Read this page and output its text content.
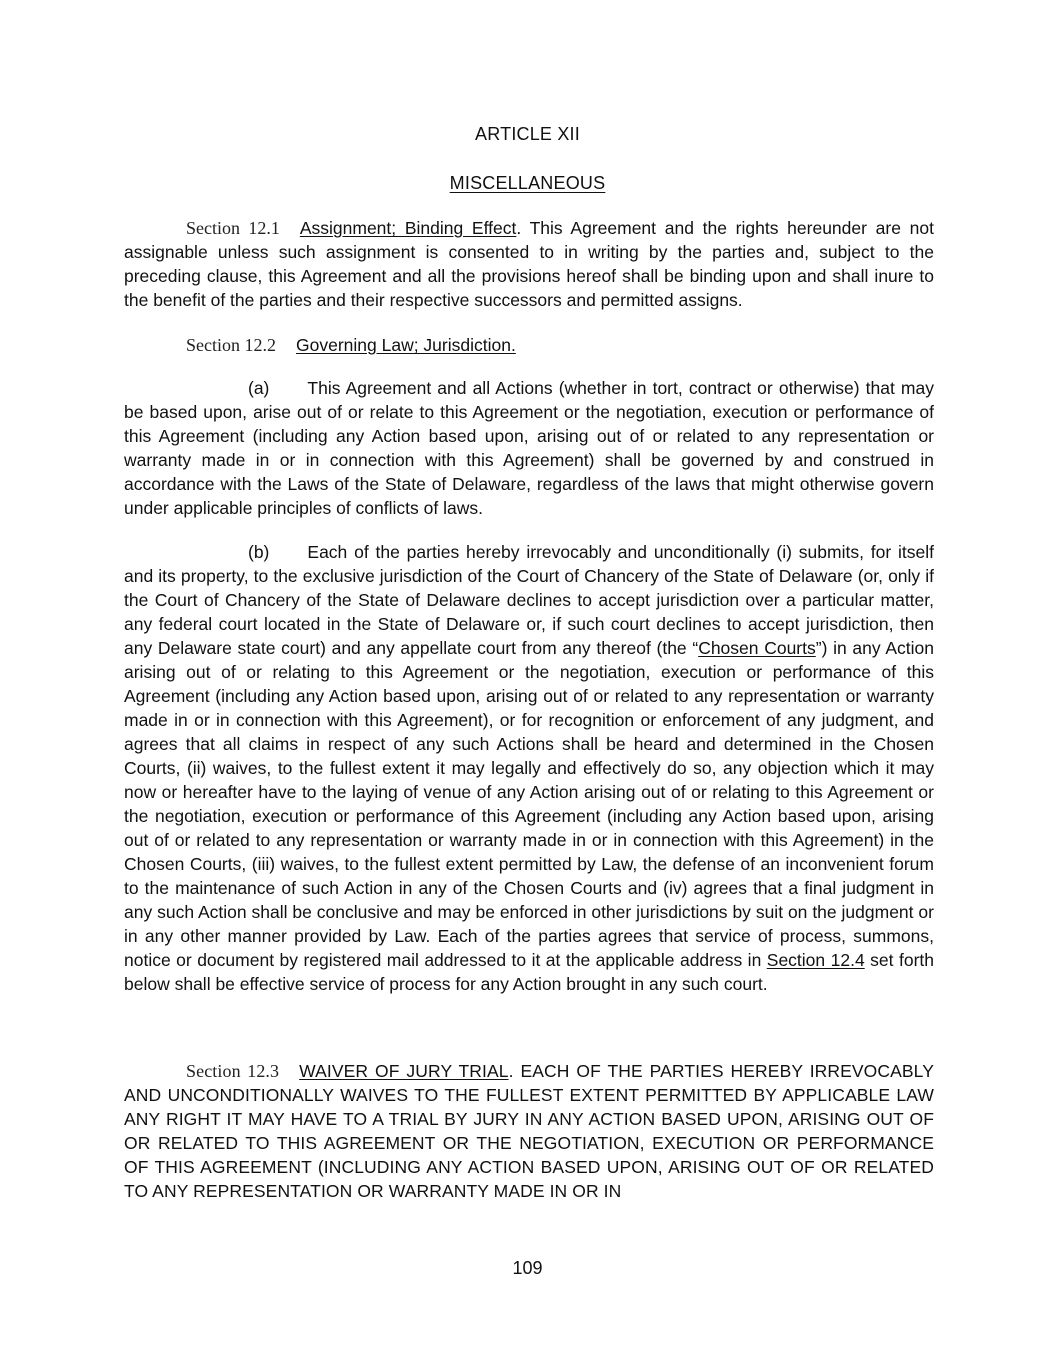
ARTICLE XII
MISCELLANEOUS
Section 12.1 Assignment; Binding Effect. This Agreement and the rights hereunder are not assignable unless such assignment is consented to in writing by the parties and, subject to the preceding clause, this Agreement and all the provisions hereof shall be binding upon and shall inure to the benefit of the parties and their respective successors and permitted assigns.
Section 12.2 Governing Law; Jurisdiction.
(a) This Agreement and all Actions (whether in tort, contract or otherwise) that may be based upon, arise out of or relate to this Agreement or the negotiation, execution or performance of this Agreement (including any Action based upon, arising out of or related to any representation or warranty made in or in connection with this Agreement) shall be governed by and construed in accordance with the Laws of the State of Delaware, regardless of the laws that might otherwise govern under applicable principles of conflicts of laws.
(b) Each of the parties hereby irrevocably and unconditionally (i) submits, for itself and its property, to the exclusive jurisdiction of the Court of Chancery of the State of Delaware (or, only if the Court of Chancery of the State of Delaware declines to accept jurisdiction over a particular matter, any federal court located in the State of Delaware or, if such court declines to accept jurisdiction, then any Delaware state court) and any appellate court from any thereof (the “Chosen Courts”) in any Action arising out of or relating to this Agreement or the negotiation, execution or performance of this Agreement (including any Action based upon, arising out of or related to any representation or warranty made in or in connection with this Agreement), or for recognition or enforcement of any judgment, and agrees that all claims in respect of any such Actions shall be heard and determined in the Chosen Courts, (ii) waives, to the fullest extent it may legally and effectively do so, any objection which it may now or hereafter have to the laying of venue of any Action arising out of or relating to this Agreement or the negotiation, execution or performance of this Agreement (including any Action based upon, arising out of or related to any representation or warranty made in or in connection with this Agreement) in the Chosen Courts, (iii) waives, to the fullest extent permitted by Law, the defense of an inconvenient forum to the maintenance of such Action in any of the Chosen Courts and (iv) agrees that a final judgment in any such Action shall be conclusive and may be enforced in other jurisdictions by suit on the judgment or in any other manner provided by Law. Each of the parties agrees that service of process, summons, notice or document by registered mail addressed to it at the applicable address in Section 12.4 set forth below shall be effective service of process for any Action brought in any such court.
Section 12.3 WAIVER OF JURY TRIAL. EACH OF THE PARTIES HEREBY IRREVOCABLY AND UNCONDITIONALLY WAIVES TO THE FULLEST EXTENT PERMITTED BY APPLICABLE LAW ANY RIGHT IT MAY HAVE TO A TRIAL BY JURY IN ANY ACTION BASED UPON, ARISING OUT OF OR RELATED TO THIS AGREEMENT OR THE NEGOTIATION, EXECUTION OR PERFORMANCE OF THIS AGREEMENT (INCLUDING ANY ACTION BASED UPON, ARISING OUT OF OR RELATED TO ANY REPRESENTATION OR WARRANTY MADE IN OR IN
109
